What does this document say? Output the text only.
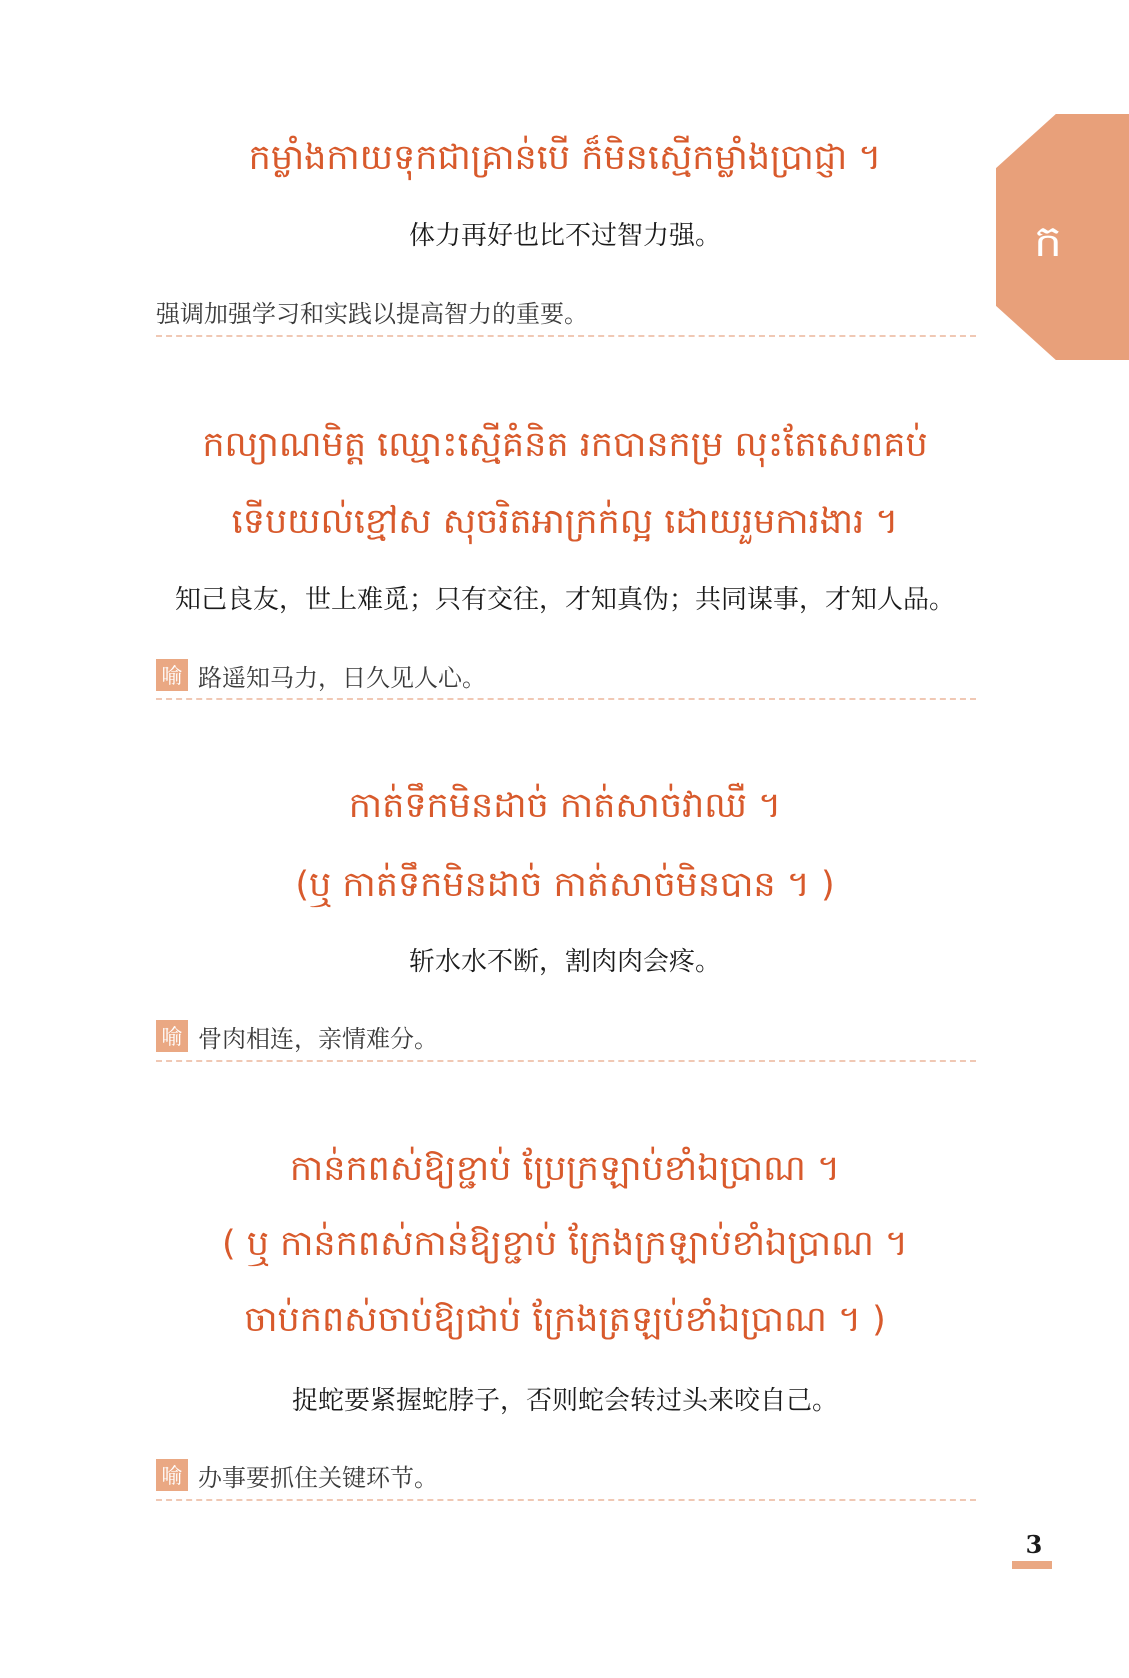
ក
កម្លាំងកាយទុកជាគ្រាន់បើ ក៏មិនស្មើកម្លាំងប្រាជ្ញា ។
体力再好也比不过智力强。
强调加强学习和实践以提高智力的重要。
កល្យាណមិត្ត ឈ្មោះស្មើគំនិត រកបានកម្រ លុះតែសេពគប់
ទើបយល់ខ្មៅស សុចរិតអាក្រក់ល្អ ដោយរួមការងារ ។
知己良友，世上难觅；只有交往，才知真伪；共同谋事，才知人品。
喻 路遥知马力，日久见人心。
កាត់ទឹកមិនដាច់ កាត់សាច់វាឈឺ ។
(ឬ កាត់ទឹកមិនដាច់ កាត់សាច់មិនបាន ។ )
斩水水不断，割肉肉会疼。
喻 骨肉相连，亲情难分。
កាន់កពស់ឱ្យខ្ជាប់ ប្រែក្រឡាប់ខាំឯប្រាណ ។
( ឬ កាន់កពស់កាន់ឱ្យខ្ជាប់ ក្រែងក្រឡាប់ខាំឯប្រាណ ។
ចាប់កពស់ចាប់ឱ្យជាប់ ក្រែងត្រឡប់ខាំឯប្រាណ ។ )
捉蛇要紧握蛇脖子，否则蛇会转过头来咬自己。
喻 办事要抓住关键环节。
3
